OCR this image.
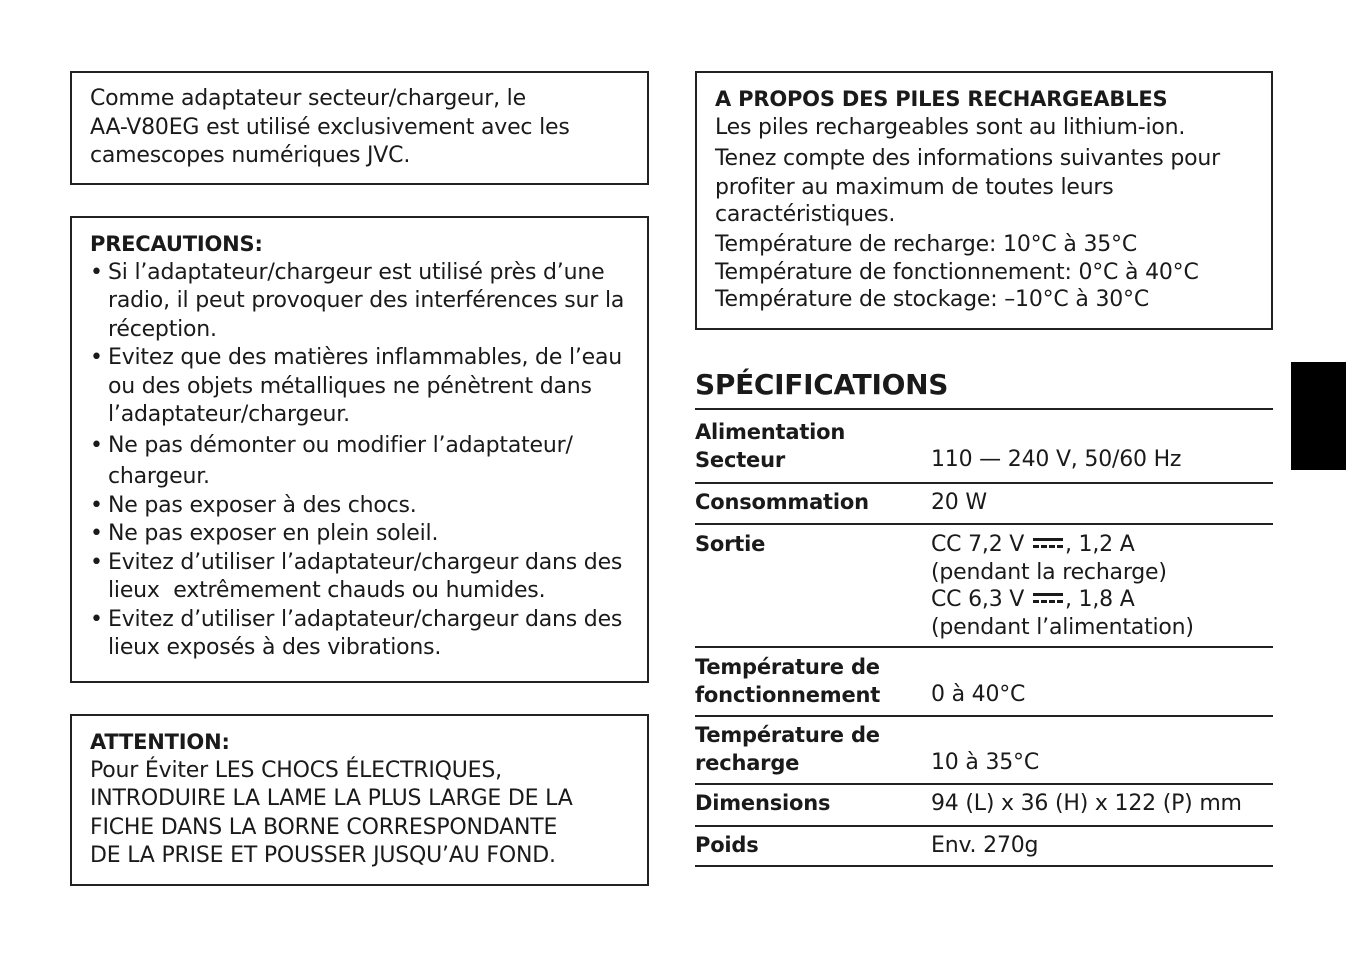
Comme adaptateur secteur/chargeur, le

AA-V80EG est utilisé exclusivement avec les

camescopes numériques JVC.

PRECAUTIONS:

• Si l’adaptateur/chargeur est utilisé près d’une
radio, il peut provoquer des interférences sur la
réception.
• Evitez que des matières inflammables, de l’eau
ou des objets métalliques ne pénètrent dans
l’adaptateur/chargeur.
• Ne pas démonter ou modifier l’adaptateur/
chargeur.
• Ne pas exposer à des chocs.
• Ne pas exposer en plein soleil.
• Evitez d’utiliser l’adaptateur/chargeur dans des
lieux  extrêmement chauds ou humides.
• Evitez d’utiliser l’adaptateur/chargeur dans des
lieux exposés à des vibrations.

ATTENTION:

Pour Éviter LES CHOCS ÉLECTRIQUES,

INTRODUIRE LA LAME LA PLUS LARGE DE LA

FICHE DANS LA BORNE CORRESPONDANTE

DE LA PRISE ET POUSSER JUSQU’AU FOND.

A PROPOS DES PILES RECHARGEABLES

Les piles rechargeables sont au lithium-ion.

Tenez compte des informations suivantes pour

profiter au maximum de toutes leurs

caractéristiques.

Température de recharge: 10°C à 35°C

Température de fonctionnement: 0°C à 40°C

Température de stockage: –10°C à 30°C

SPÉCIFICATIONS
Alimentation
Secteur	110 — 240 V, 50/60 Hz
Consommation	20 W
Sortie	CC 7,2 V , 1,2 A
(pendant la recharge)
CC 6,3 V , 1,8 A
(pendant l’alimentation)
Température de
fonctionnement	0 à 40°C
Température de
recharge	10 à 35°C
Dimensions	94 (L) x 36 (H) x 122 (P) mm
Poids	Env. 270g
